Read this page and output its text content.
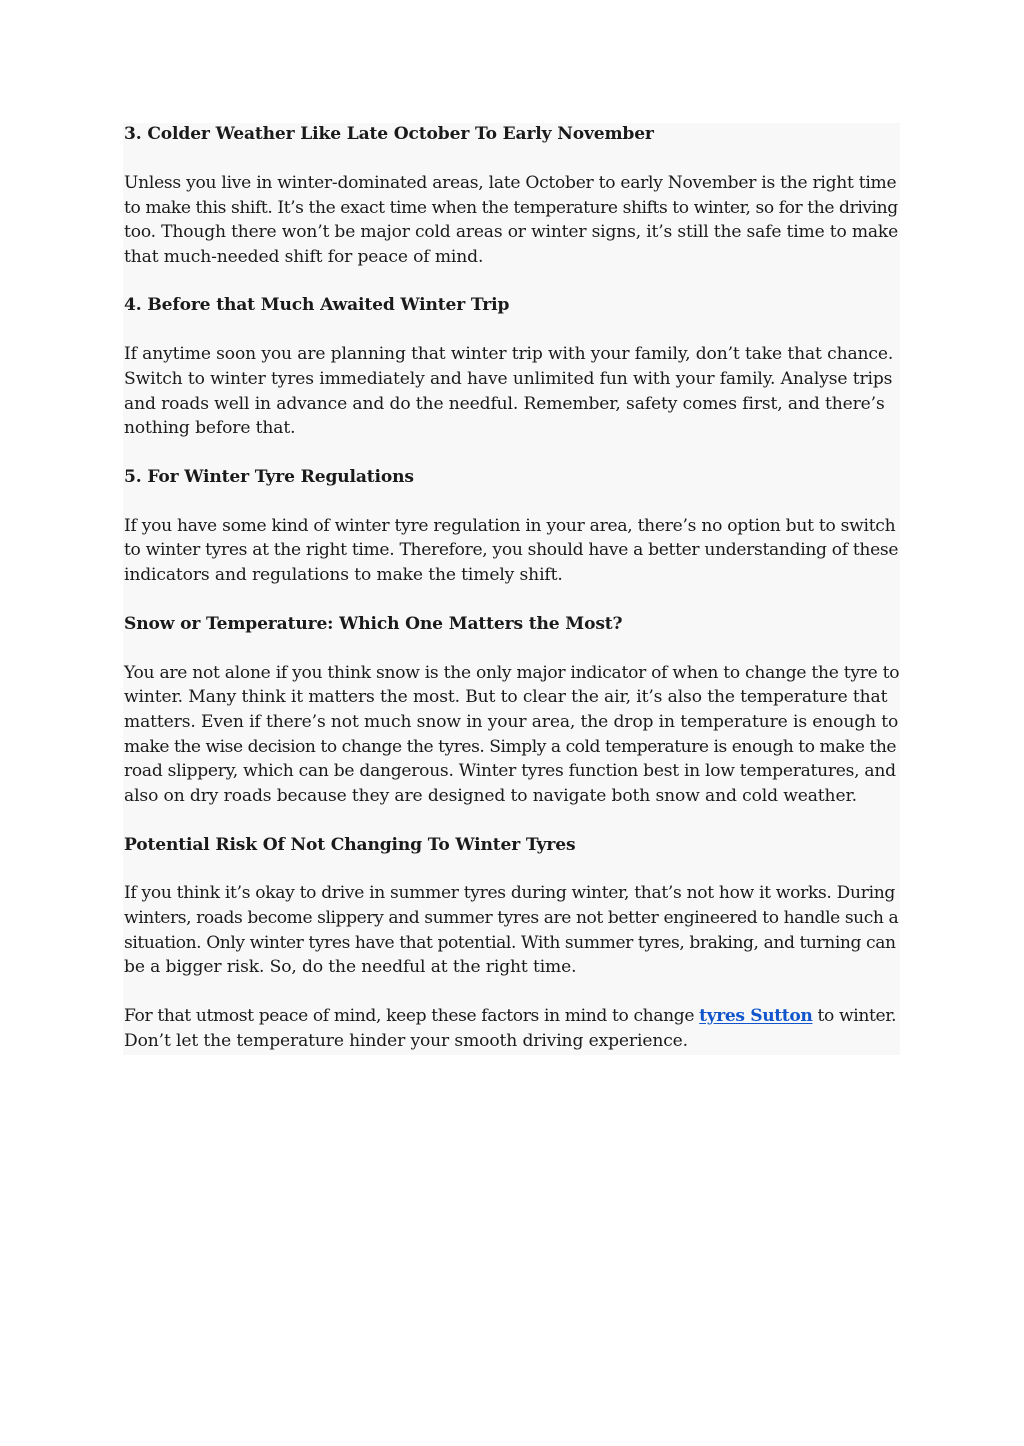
3. Colder Weather Like Late October To Early November
Unless you live in winter-dominated areas, late October to early November is the right time
to make this shift. It’s the exact time when the temperature shifts to winter, so for the driving
too. Though there won’t be major cold areas or winter signs, it’s still the safe time to make
that much-needed shift for peace of mind.
4. Before that Much Awaited Winter Trip
If anytime soon you are planning that winter trip with your family, don’t take that chance.
Switch to winter tyres immediately and have unlimited fun with your family. Analyse trips
and roads well in advance and do the needful. Remember, safety comes first, and there’s
nothing before that.
5. For Winter Tyre Regulations
If you have some kind of winter tyre regulation in your area, there’s no option but to switch
to winter tyres at the right time. Therefore, you should have a better understanding of these
indicators and regulations to make the timely shift.
Snow or Temperature: Which One Matters the Most?
You are not alone if you think snow is the only major indicator of when to change the tyre to
winter. Many think it matters the most. But to clear the air, it’s also the temperature that
matters. Even if there’s not much snow in your area, the drop in temperature is enough to
make the wise decision to change the tyres. Simply a cold temperature is enough to make the
road slippery, which can be dangerous. Winter tyres function best in low temperatures, and
also on dry roads because they are designed to navigate both snow and cold weather.
Potential Risk Of Not Changing To Winter Tyres
If you think it’s okay to drive in summer tyres during winter, that’s not how it works. During
winters, roads become slippery and summer tyres are not better engineered to handle such a
situation. Only winter tyres have that potential. With summer tyres, braking, and turning can
be a bigger risk. So, do the needful at the right time.
For that utmost peace of mind, keep these factors in mind to change tyres Sutton to winter.
Don’t let the temperature hinder your smooth driving experience.
